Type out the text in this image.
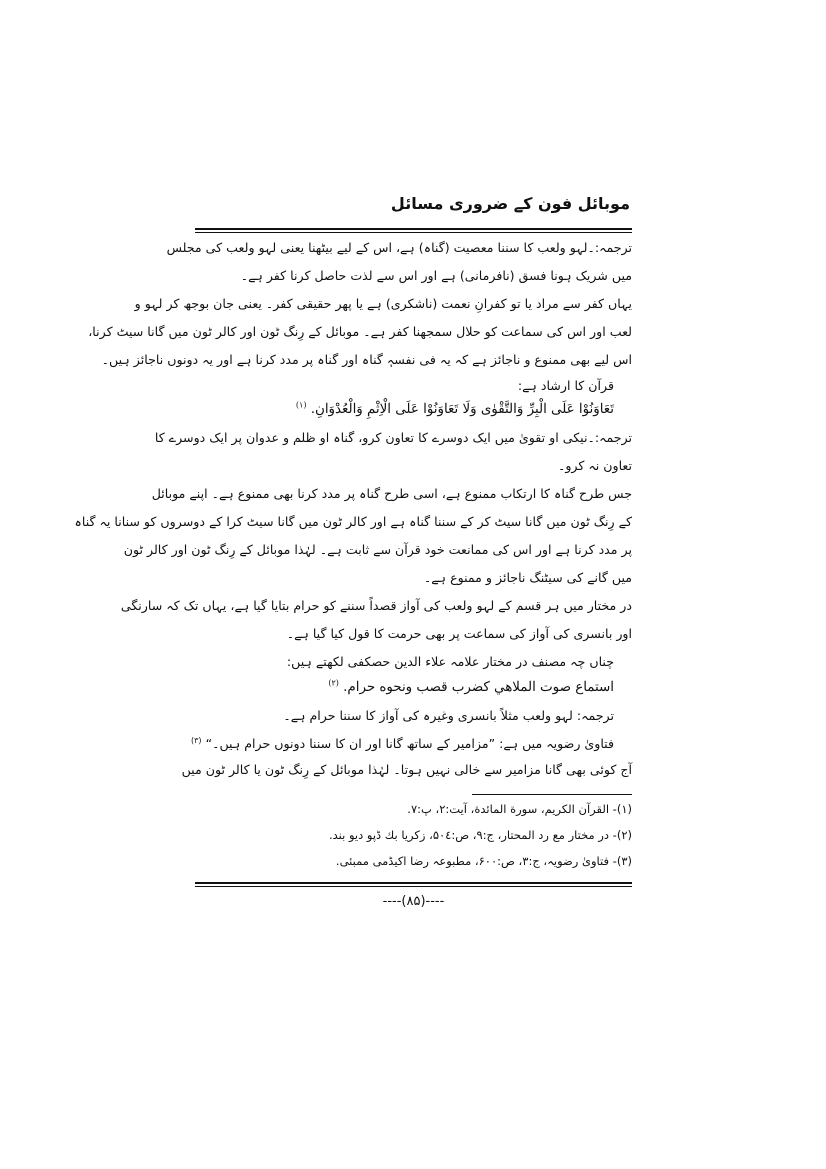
موبائل فون کے ضروری مسائل
ترجمہ:۔لہو ولعب کا سننا معصیت (گناہ) ہے، اس کے لیے بیٹھنا یعنی لہو ولعب کی مجلس
میں شریک ہونا فسق (نافرمانی) ہے اور اس سے لذت حاصل کرنا کفر ہے۔
یہاں کفر سے مراد یا تو کفرانِ نعمت (ناشکری) ہے یا پھر حقیقی کفر۔ یعنی جان بوجھ کر لہو و
لعب اور اس کی سماعت کو حلال سمجھنا کفر ہے۔ موبائل کے رِنگ ٹون اور کالر ٹون میں گانا سیٹ کرنا،
اس لیے بھی ممنوع و ناجائز ہے کہ یہ فی نفسہٖ گناہ اور گناہ پر مدد کرنا ہے اور یہ دونوں ناجائز ہیں۔
قرآن کا ارشاد ہے:
تَعَاوَنُوْا عَلَى الْبِرِّ وَالتَّقْوٰى وَلَا تَعَاوَنُوْا عَلَى الْاِثْمِ وَالْعُدْوَانِ. $^{(۱)}$
ترجمہ:۔نیکی او تقویٰ میں ایک دوسرے کا تعاون کرو، گناہ او ظلم و عدوان پر ایک دوسرے کا
تعاون نہ کرو۔
جس طرح گناہ کا ارتکاب ممنوع ہے، اسی طرح گناہ پر مدد کرنا بھی ممنوع ہے۔ اپنے موبائل
کے رِنگ ٹون میں گانا سیٹ کر کے سننا گناہ ہے اور کالر ٹون میں گانا سیٹ کرا کے دوسروں کو سنانا یہ گناہ
پر مدد کرنا ہے اور اس کی ممانعت خود قرآن سے ثابت ہے۔ لہٰذا موبائل کے رِنگ ٹون اور کالر ٹون
میں گانے کی سیٹنگ ناجائز و ممنوع ہے۔
در مختار میں ہر قسم کے لہو ولعب کی آواز قصداً سننے کو حرام بتایا گیا ہے، یہاں تک کہ سارنگی
اور بانسری کی آواز کی سماعت پر بھی حرمت کا قول کیا گیا ہے۔
چناں چہ مصنف در مختار علامہ علاء الدین حصکفی لکھتے ہیں:
استماع صوت الملاهي كضرب قصب ونحوه حرام. $^{(۲)}$
ترجمہ: لہو ولعب مثلاً بانسری وغیرہ کی آواز کا سننا حرام ہے۔
فتاویٰ رضویہ میں ہے: ”مزامیر کے ساتھ گانا اور ان کا سننا دونوں حرام ہیں۔“ $^{(۳)}$
آج کوئی بھی گانا مزامیر سے خالی نہیں ہوتا۔ لہٰذا موبائل کے رِنگ ٹون یا کالر ٹون میں
(۱)- القرآن الكريم، سورة المائدة، آيت:۲، پ:۷.
(۲)- در مختار مع رد المحتار، ج:۹، ص:۵۰٤، زكريا بك ڈپو ديو بند.
(۳)- فتاوىٰ رضويہ، ج:۳، ص:۶۰۰، مطبوعہ رضا اكيڈمی ممبئی.
----(۸۵)----
